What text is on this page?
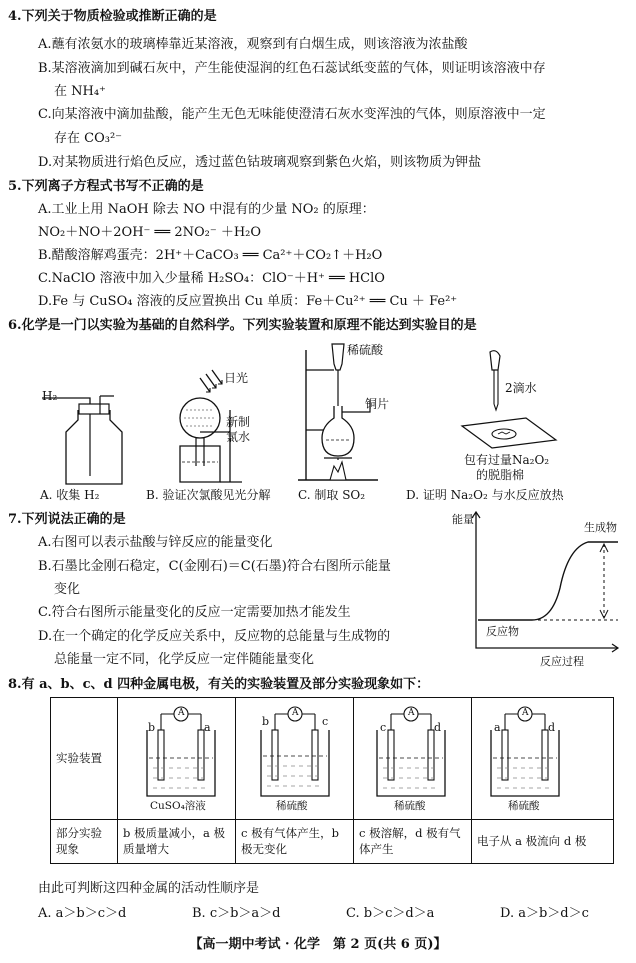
4.下列关于物质检验或推断正确的是
A.蘸有浓氨水的玻璃棒靠近某溶液，观察到有白烟生成，则该溶液为浓盐酸
B.某溶液滴加到碱石灰中，产生能使湿润的红色石蕊试纸变蓝的气体，则证明该溶液中存
在 NH₄⁺
C.向某溶液中滴加盐酸，能产生无色无味能使澄清石灰水变浑浊的气体，则原溶液中一定
存在 CO₃²⁻
D.对某物质进行焰色反应，透过蓝色钴玻璃观察到紫色火焰，则该物质为钾盐
5.下列离子方程式书写不正确的是
A.工业上用 NaOH 除去 NO 中混有的少量 NO₂ 的原理：
NO₂＋NO＋2OH⁻ ══ 2NO₂⁻ ＋H₂O
B.醋酸溶解鸡蛋壳：2H⁺＋CaCO₃ ══ Ca²⁺＋CO₂↑＋H₂O
C.NaClO 溶液中加入少量稀 H₂SO₄：ClO⁻＋H⁺ ══ HClO
D.Fe 与 CuSO₄ 溶液的反应置换出 Cu 单质：Fe＋Cu²⁺ ══ Cu ＋ Fe²⁺
6.化学是一门以实验为基础的自然科学。下列实验装置和原理不能达到实验目的是
H₂
A. 收集 H₂
日光
新制
氯水
B. 验证次氯酸见光分解
稀硫酸
铜片
C. 制取 SO₂
2滴水
包有过量Na₂O₂
的脱脂棉
D. 证明 Na₂O₂ 与水反应放热
7.下列说法正确的是
A.右图可以表示盐酸与锌反应的能量变化
B.石墨比金刚石稳定，C(金刚石)＝C(石墨)符合右图所示能量
变化
C.符合右图所示能量变化的反应一定需要加热才能发生
D.在一个确定的化学反应关系中，反应物的总能量与生成物的
总能量一定不同，化学反应一定伴随能量变化
能量
生成物
反应物
反应过程
8.有 a、b、c、d 四种金属电极，有关的实验装置及部分实验现象如下：
实验装置				
部分实验现象	b 极质量减小，a 极质量增大	c 极有气体产生，b 极无变化	c 极溶解，d 极有气体产生	电子从 a 极流向 d 极
A
b	a
CuSO₄溶液
A
b	c
稀硫酸
A
c	d
稀硫酸
A
a	d
稀硫酸
由此可判断这四种金属的活动性顺序是
A. a＞b＞c＞d	B. c＞b＞a＞d	C. b＞c＞d＞a	D. a＞b＞d＞c
【高一期中考试 · 化学　第 2 页(共 6 页)】
